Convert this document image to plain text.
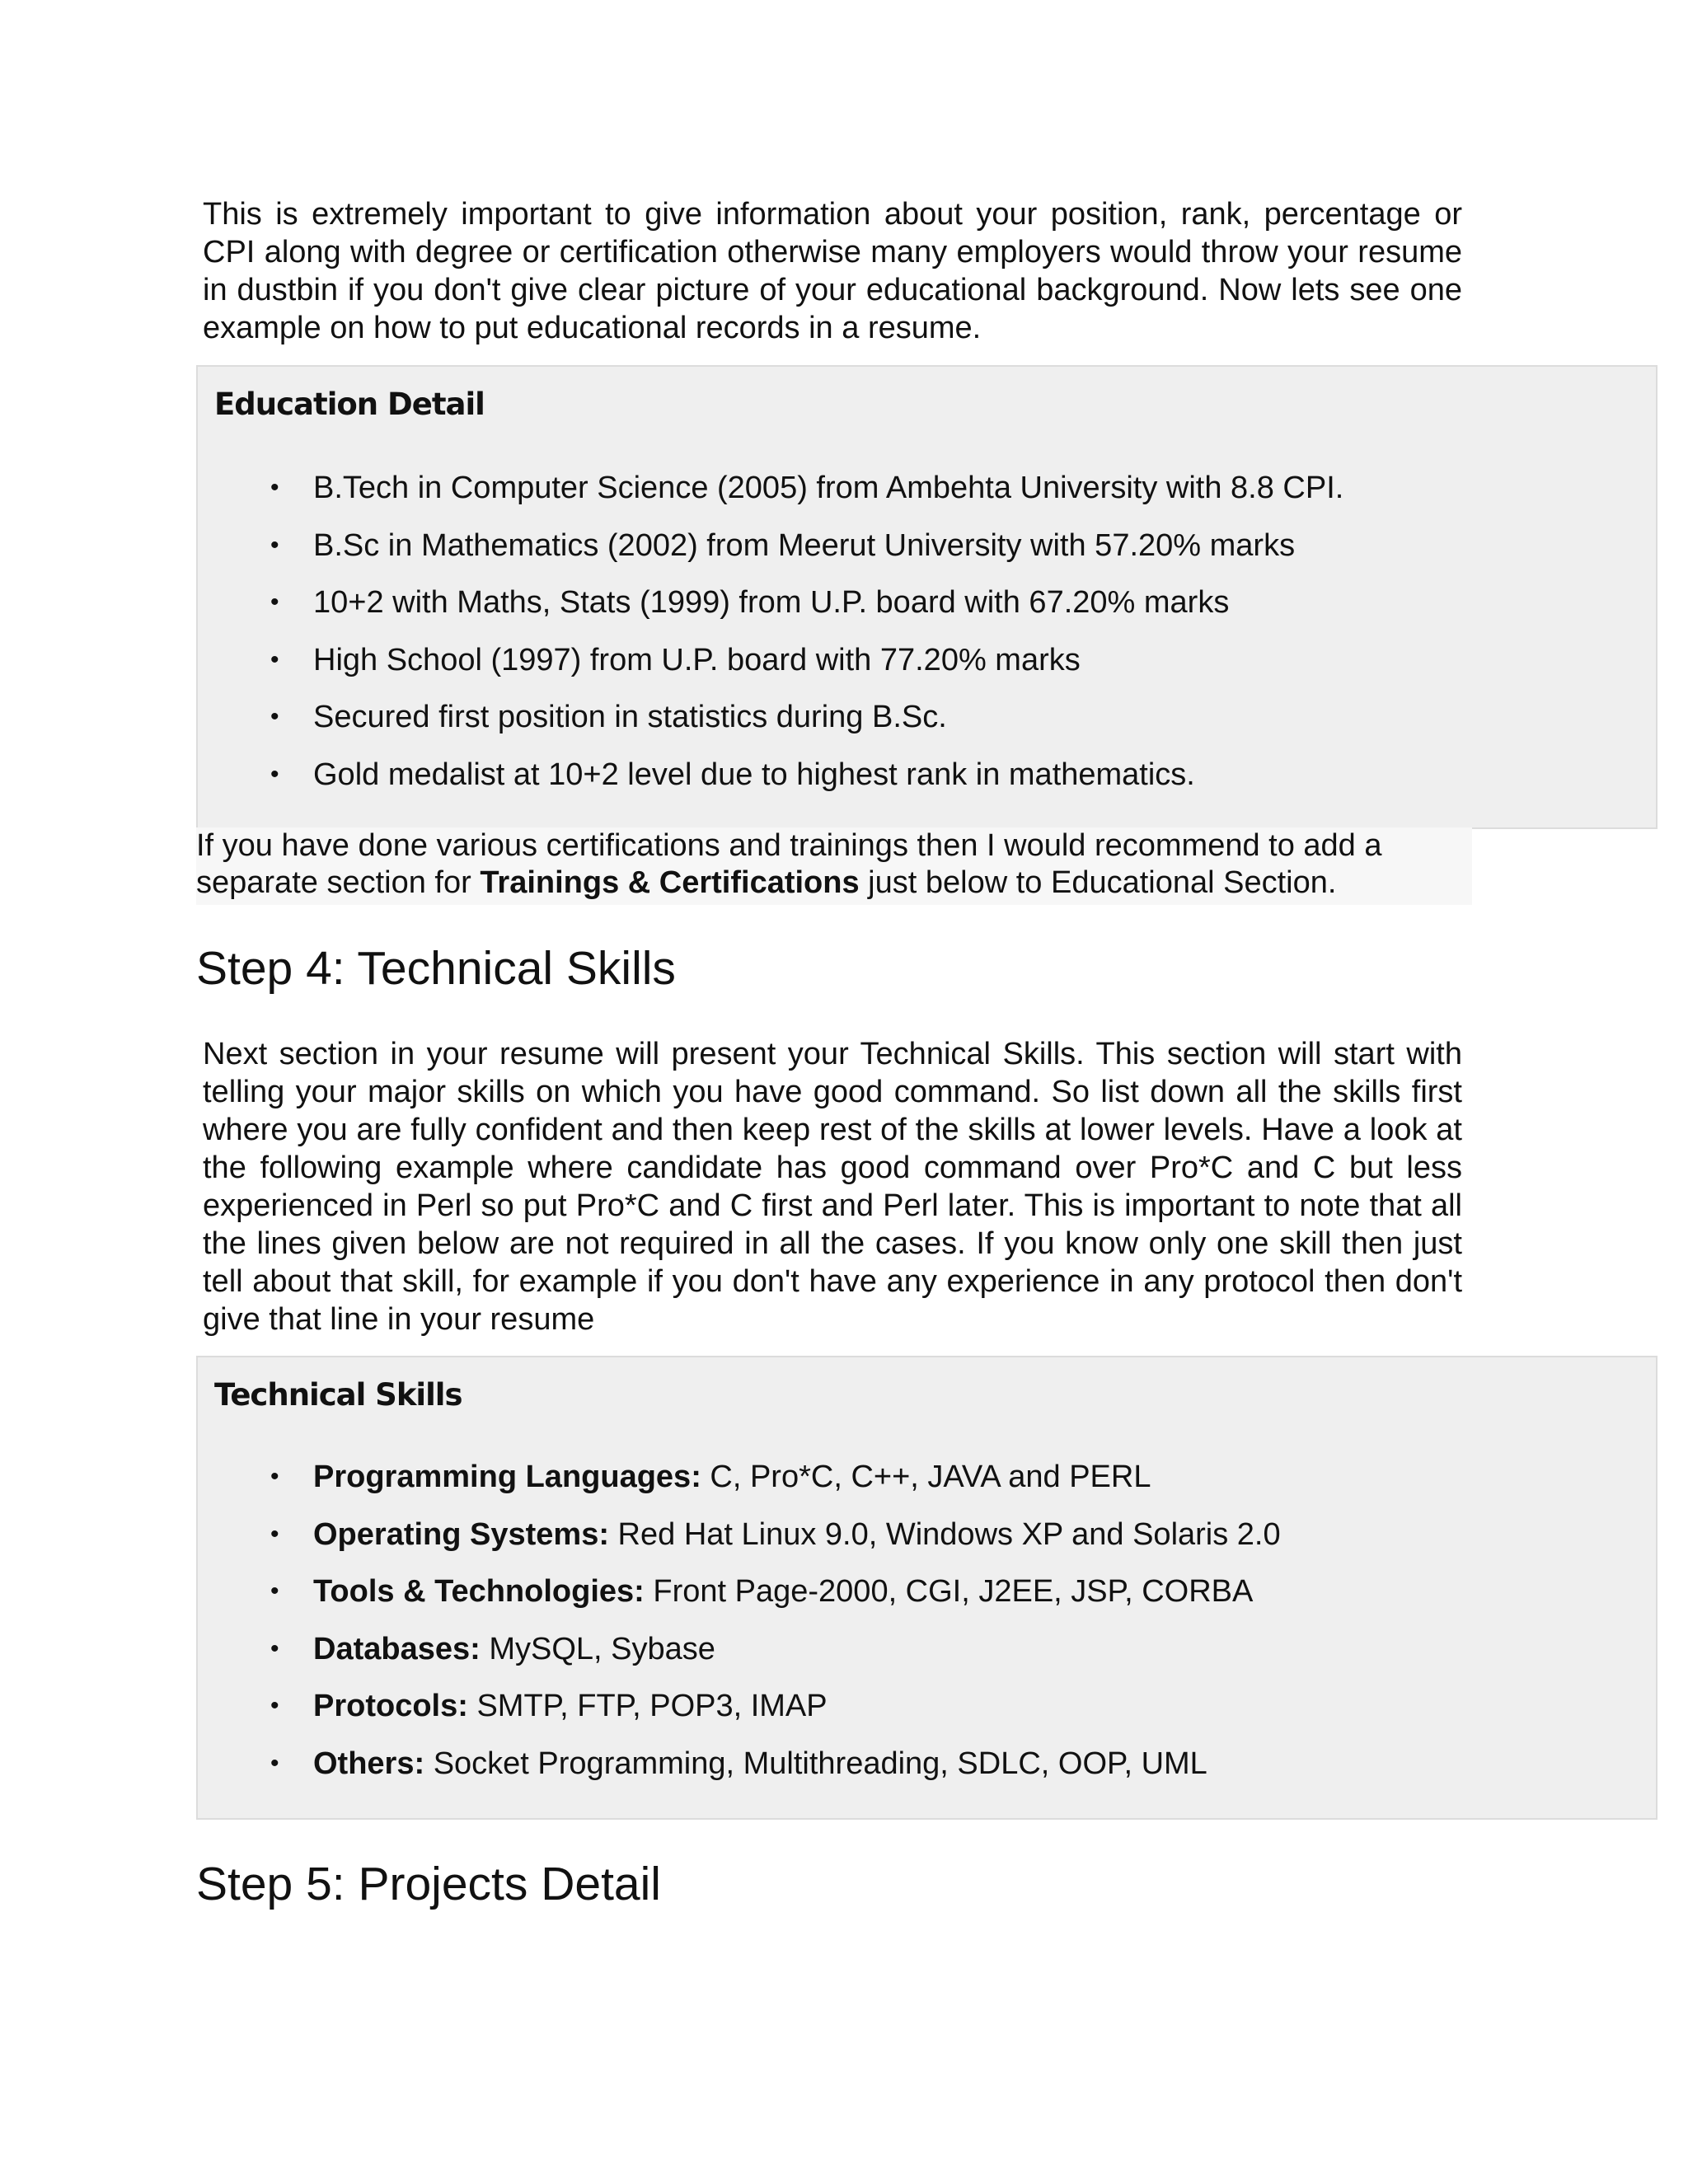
This is extremely important to give information about your position, rank, percentage or CPI along with degree or certification otherwise many employers would throw your resume in dustbin if you don't give clear picture of your educational background. Now lets see one example on how to put educational records in a resume.

Education Detail
• B.Tech in Computer Science (2005) from Ambehta University with 8.8 CPI.
• B.Sc in Mathematics (2002) from Meerut University with 57.20% marks
• 10+2 with Maths, Stats (1999) from U.P. board with 67.20% marks
• High School (1997) from U.P. board with 77.20% marks
• Secured first position in statistics during B.Sc.
• Gold medalist at 10+2 level due to highest rank in mathematics.

If you have done various certifications and trainings then I would recommend to add a

separate section for Trainings & Certifications just below to Educational Section.

Step 4: Technical Skills

Next section in your resume will present your Technical Skills. This section will start with telling your major skills on which you have good command. So list down all the skills first where you are fully confident and then keep rest of the skills at lower levels. Have a look at the following example where candidate has good command over Pro*C and C but less experienced in Perl so put Pro*C and C first and Perl later. This is important to note that all the lines given below are not required in all the cases. If you know only one skill then just tell about that skill, for example if you don't have any experience in any protocol then don't give that line in your resume

Technical Skills
• Programming Languages: C, Pro*C, C++, JAVA and PERL
• Operating Systems: Red Hat Linux 9.0, Windows XP and Solaris 2.0
• Tools & Technologies: Front Page-2000, CGI, J2EE, JSP, CORBA
• Databases: MySQL, Sybase
• Protocols: SMTP, FTP, POP3, IMAP
• Others: Socket Programming, Multithreading, SDLC, OOP, UML
Step 5: Projects Detail
